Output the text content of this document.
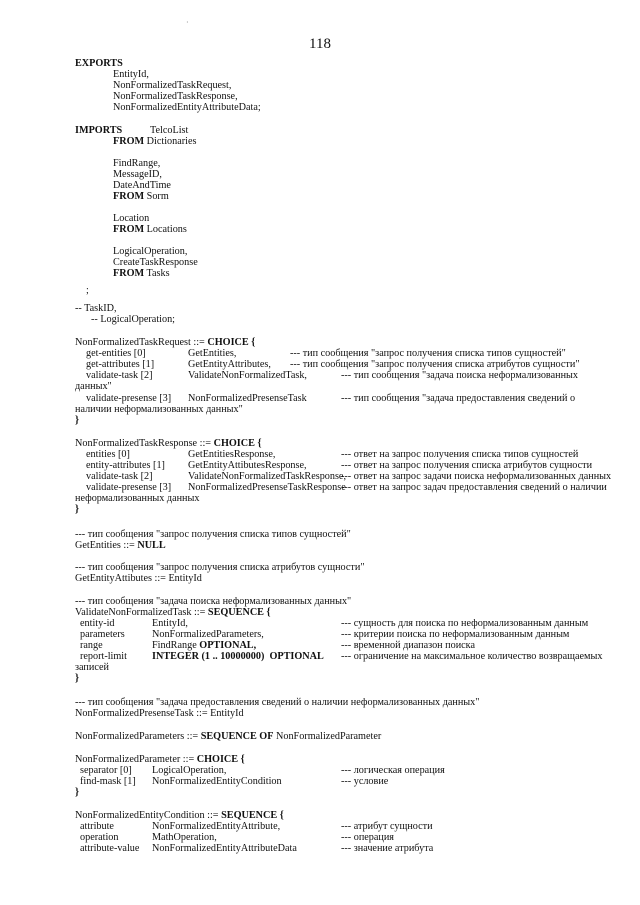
118
·
EXPORTS
EntityId,
NonFormalizedTaskRequest,
NonFormalizedTaskResponse,
NonFormalizedEntityAttributeData;
IMPORTS	TelcoList
FROM Dictionaries
FindRange,
MessageID,
DateAndTime
FROM Sorm
Location
FROM Locations
LogicalOperation,
CreateTaskResponse
FROM Tasks
;
-- TaskID,
-- LogicalOperation;
NonFormalizedTaskRequest ::= CHOICE {
get-entities [0]	GetEntities,	--- тип сообщения "запрос получения списка типов сущностей"
get-attributes [1]	GetEntityAttributes, --- тип сообщения "запрос получения списка атрибутов сущности"
validate-task [2]	ValidateNonFormalizedTask,	--- тип сообщения "задача поиска неформализованных
данных"
validate-presense [3] NonFormalizedPresenseTask	--- тип сообщения "задача предоставления сведений о
наличии неформализованных данных"
}
NonFormalizedTaskResponse ::= CHOICE {
entities [0]	GetEntitiesResponse,	--- ответ на запрос получения списка типов сущностей
entity-attributes [1] GetEntityAttibutesResponse,	--- ответ на запрос получения списка атрибутов сущности
validate-task [2]	ValidateNonFormalizedTaskResponse,
--- ответ на запрос задачи поиска неформализованных данных
validate-presense [3] NonFormalizedPresenseTaskResponse
--- ответ на запрос задач предоставления сведений о наличии
неформализованных данных
}
--- тип сообщения "запрос получения списка типов сущностей"
GetEntities ::= NULL
--- тип сообщения "запрос получения списка атрибутов сущности"
GetEntityAttibutes ::= EntityId
--- тип сообщения "задача поиска неформализованных данных"
ValidateNonFormalizedTask ::= SEQUENCE {
entity-id	EntityId,	--- сущность для поиска по неформализованным данным
parameters	NonFormalizedParameters,	--- критерии поиска по неформализованным данным
range	FindRange OPTIONAL,	--- временной диапазон поиска
report-limit INTEGER (1 .. 10000000)  OPTIONAL --- ограничение на максимальное количество возвращаемых
записей
}
--- тип сообщения "задача предоставления сведений о наличии неформализованных данных"
NonFormalizedPresenseTask ::= EntityId
NonFormalizedParameters ::= SEQUENCE OF NonFormalizedParameter
NonFormalizedParameter ::= CHOICE {
separator [0] LogicalOperation,	--- логическая операция
find-mask [1] NonFormalizedEntityCondition	--- условие
}
NonFormalizedEntityCondition ::= SEQUENCE {
attribute	NonFormalizedEntityAttribute,	--- атрибут сущности
operation	MathOperation,	--- операция
attribute-value NonFormalizedEntityAttributeData	--- значение атрибута
